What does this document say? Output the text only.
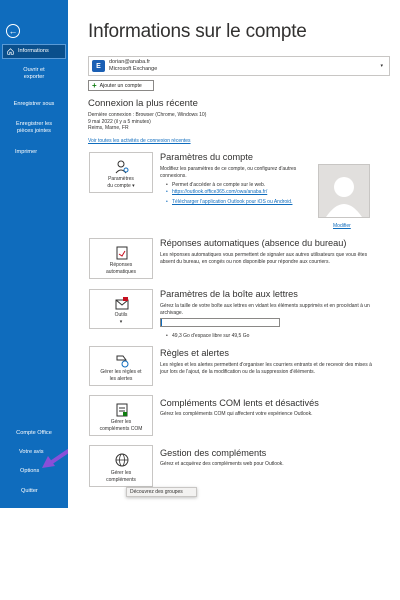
←
Informations
Ouvrir et
exporter
Enregistrer sous
Enregistrer les
pièces jointes
Imprimer
Compte Office
Votre avis
Options
Quitter
Informations sur le compte
E
dorian@anaba.fr
Microsoft Exchange	▾
+ Ajouter un compte
Connexion la plus récente
Dernière connexion : Browser (Chrome, Windows 10)
9 mai 2022 (il y a 5 minutes)
Reims, Marne, FR
Voir toutes les activités de connexion récentes
Paramètres
du compte ▾
Paramètres du compte
Modifiez les paramètres de ce compte, ou configurez d'autres connexions.
• Permet d'accéder à ce compte sur le web.
• https://outlook.office365.com/owa/anaba.fr/
• Télécharger l'application Outlook pour iOS ou Android.
Modifier
Réponses
automatiques
Réponses automatiques (absence du bureau)
Les réponses automatiques vous permettent de signaler aux autres utilisateurs que vous êtes absent du bureau, en congés ou non disponible pour répondre aux courriers.
Outils
▾
Paramètres de la boîte aux lettres
Gérez la taille de votre boîte aux lettres en vidant les éléments supprimés et en procédant à un archivage.
• 49,3 Go d'espace libre sur 49,5 Go
Gérer les règles et
les alertes
Règles et alertes
Les règles et les alertes permettent d'organiser les courriers entrants et de recevoir des mises à jour lors de l'ajout, de la modification ou de la suppression d'éléments.
Gérer les
compléments COM
Compléments COM lents et désactivés
Gérez les compléments COM qui affectent votre expérience Outlook.
Gérer les
compléments
Gestion des compléments
Gérez et acquérez des compléments web pour Outlook.
Découvrez des groupes
